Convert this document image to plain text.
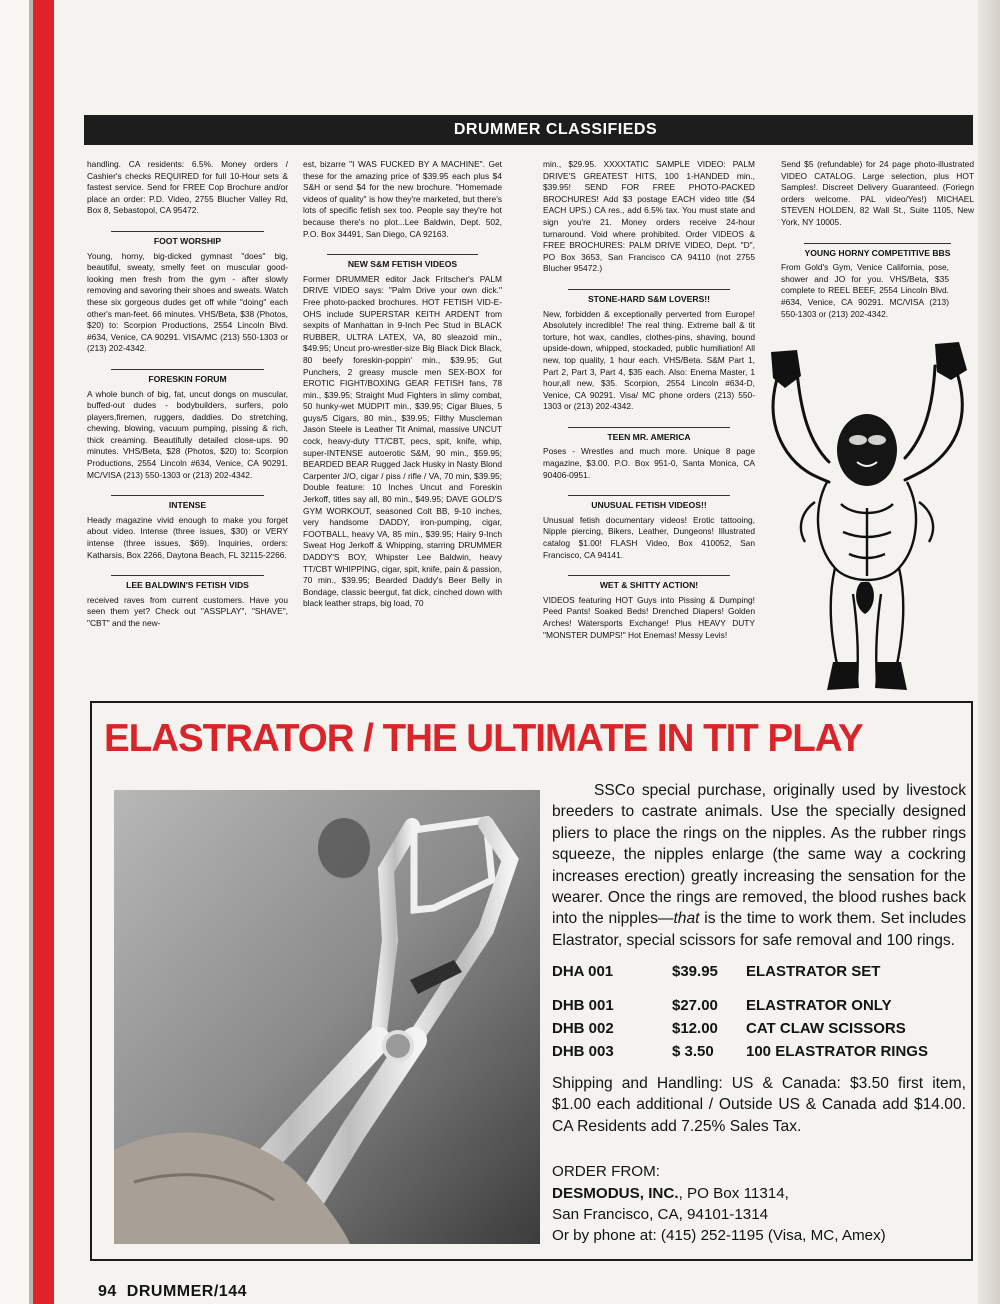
DRUMMER CLASSIFIEDS

handling. CA residents: 6.5%. Money orders / Cashier's checks REQUIRED for full 10-Hour sets & fastest service. Send for FREE Cop Brochure and/or place an order: P.D. Video, 2755 Blucher Valley Rd, Box 8, Sebastopol, CA 95472.

FOOT WORSHIP

Young, horny, big-dicked gymnast "does" big, beautiful, sweaty, smelly feet on muscular good-looking men fresh from the gym - after slowly removing and savoring their shoes and sweats. Watch these six gorgeous dudes get off while "doing" each other's man-feet. 66 minutes. VHS/Beta, $38 (Photos, $20) to: Scorpion Productions, 2554 Lincoln Blvd. #634, Venice, CA 90291. VISA/MC (213) 550-1303 or (213) 202-4342.

FORESKIN FORUM

A whole bunch of big, fat, uncut dongs on muscular, buffed-out dudes - bodybuilders, surfers, polo players,firemen, ruggers, daddies. Do stretching, chewing, blowing, vacuum pumping, pissing & rich, thick creaming. Beautifully detailed close-ups. 90 minutes. VHS/Beta, $28 (Photos, $20) to: Scorpion Productions, 2554 Lincoln #634, Venice, CA 90291. MC/VISA (213) 550-1303 or (213) 202-4342.

INTENSE

Heady magazine vivid enough to make you forget about video. Intense (three issues, $30) or VERY intense (three issues, $69). Inquiries, orders: Katharsis, Box 2266, Daytona Beach, FL 32115-2266.

LEE BALDWIN'S FETISH VIDS

received raves from current customers. Have you seen them yet? Check out "ASSPLAY", "SHAVE", "CBT" and the new-

est, bizarre "I WAS FUCKED BY A MACHINE". Get these for the amazing price of $39.95 each plus $4 S&H or send $4 for the new brochure. "Homemade videos of quality" is how they're marketed, but there's lots of specific fetish sex too. People say they're hot because there's no plot...Lee Baldwin, Dept. 502, P.O. Box 34491, San Diego, CA 92163.

NEW S&M FETISH VIDEOS

Former DRUMMER editor Jack Fritscher's PALM DRIVE VIDEO says: "Palm Drive your own dick." Free photo-packed brochures. HOT FETISH VID-E-OHS include SUPERSTAR KEITH ARDENT from sexpits of Manhattan in 9-Inch Pec Stud in BLACK RUBBER, ULTRA LATEX, VA, 80 sleazoid min., $49.95; Uncut pro-wrestler-size Big Black Dick Black, 80 beefy foreskin-poppin' min., $39.95; Gut Punchers, 2 greasy muscle men SEX-BOX for EROTIC FIGHT/BOXING GEAR FETISH fans, 78 min., $39.95; Straight Mud Fighters in slimy combat, 50 hunky-wet MUDPIT min., $39.95; Cigar Blues, 5 guys/5 Cigars, 80 min., $39.95; Filthy Muscleman Jason Steele is Leather Tit Animal, massive UNCUT cock, heavy-duty TT/CBT, pecs, spit, knife, whip, super-INTENSE autoerotic S&M, 90 min., $59.95; BEARDED BEAR Rugged Jack Husky in Nasty Blond Carpenter J/O, cigar / piss / rifle / VA, 70 min, $39.95; Double feature: 10 Inches Uncut and Foreskin Jerkoff, titles say all, 80 min., $49.95; DAVE GOLD'S GYM WORKOUT, seasoned Colt BB, 9-10 inches, very handsome DADDY, iron-pumping, cigar, FOOTBALL, heavy VA, 85 min., $39.95; Hairy 9-Inch Sweat Hog Jerkoff & Whipping, starring DRUMMER DADDY'S BOY, Whipster Lee Baldwin, heavy TT/CBT WHIPPING, cigar, spit, knife, pain & passion, 70 min., $39.95; Bearded Daddy's Beer Belly in Bondage, classic beergut, fat dick, cinched down with black leather straps, big load, 70

min., $29.95. XXXXTATIC SAMPLE VIDEO: PALM DRIVE'S GREATEST HITS, 100 1-HANDED min., $39.95! SEND FOR FREE PHOTO-PACKED BROCHURES! Add $3 postage EACH video title ($4 EACH UPS.) CA res., add 6.5% tax. You must state and sign you're 21. Money orders receive 24-hour turnaround. Void where prohibited. Order VIDEOS & FREE BROCHURES: PALM DRIVE VIDEO, Dept. "D", PO Box 3653, San Francisco CA 94110 (not 2755 Blucher 95472.)

STONE-HARD S&M LOVERS!!

New, forbidden & exceptionally perverted from Europe! Absolutely incredible! The real thing. Extreme ball & tit torture, hot wax, candles, clothes-pins, shaving, bound upside-down, whipped, stockaded, public humiliation! All new, top quality, 1 hour each. VHS/Beta. S&M Part 1, Part 2, Part 3, Part 4, $35 each. Also: Enema Master, 1 hour,all new, $35. Scorpion, 2554 Lincoln #634-D, Venice, CA 90291. Visa/ MC phone orders (213) 550-1303 or (213) 202-4342.

TEEN MR. AMERICA

Poses - Wrestles and much more. Unique 8 page magazine, $3.00. P.O. Box 951-0, Santa Monica, CA 90406-0951.

UNUSUAL FETISH VIDEOS!!

Unusual fetish documentary videos! Erotic tattooing, Nipple piercing, Bikers, Leather, Dungeons! Illustrated catalog $1.00! FLASH Video, Box 410052, San Francisco, CA 94141.

WET & SHITTY ACTION!

VIDEOS featuring HOT Guys into Pissing & Dumping! Peed Pants! Soaked Beds! Drenched Diapers! Golden Arches! Watersports Exchange! Plus HEAVY DUTY "MONSTER DUMPS!" Hot Enemas! Messy Levis!

Send $5 (refundable) for 24 page photo-illustrated VIDEO CATALOG. Large selection, plus HOT Samples!. Discreet Delivery Guaranteed. (Foriegn orders welcome. PAL video/Yes!) MICHAEL STEVEN HOLDEN, 82 Wall St., Suite 1105, New York, NY 10005.

YOUNG HORNY COMPETITIVE BBS

From Gold's Gym, Venice California, pose, shower and JO for you. VHS/Beta, $35 complete to REEL BEEF, 2554 Lincoln Blvd. #634, Venice, CA 90291. MC/VISA (213) 550-1303 or (213) 202-4342.

ELASTRATOR / THE ULTIMATE IN TIT PLAY

SSCo special purchase, originally used by livestock breeders to castrate animals. Use the specially designed pliers to place the rings on the nipples. As the rubber rings squeeze, the nipples enlarge (the same way a cockring increases erection) greatly increasing the sensation for the wearer. Once the rings are removed, the blood rushes back into the nipples—that is the time to work them. Set includes Elastrator, special scissors for safe removal and 100 rings.

DHA 001	$39.95	ELASTRATOR SET
DHB 001	$27.00	ELASTRATOR ONLY
DHB 002	$12.00	CAT CLAW SCISSORS
DHB 003	$ 3.50	100 ELASTRATOR RINGS

Shipping and Handling: US & Canada: $3.50 first item, $1.00 each additional / Outside US & Canada add $14.00. CA Residents add 7.25% Sales Tax.

ORDER FROM:
DESMODUS, INC., PO Box 11314,
San Francisco, CA, 94101-1314
Or by phone at: (415) 252-1195 (Visa, MC, Amex)
94 DRUMMER/144
